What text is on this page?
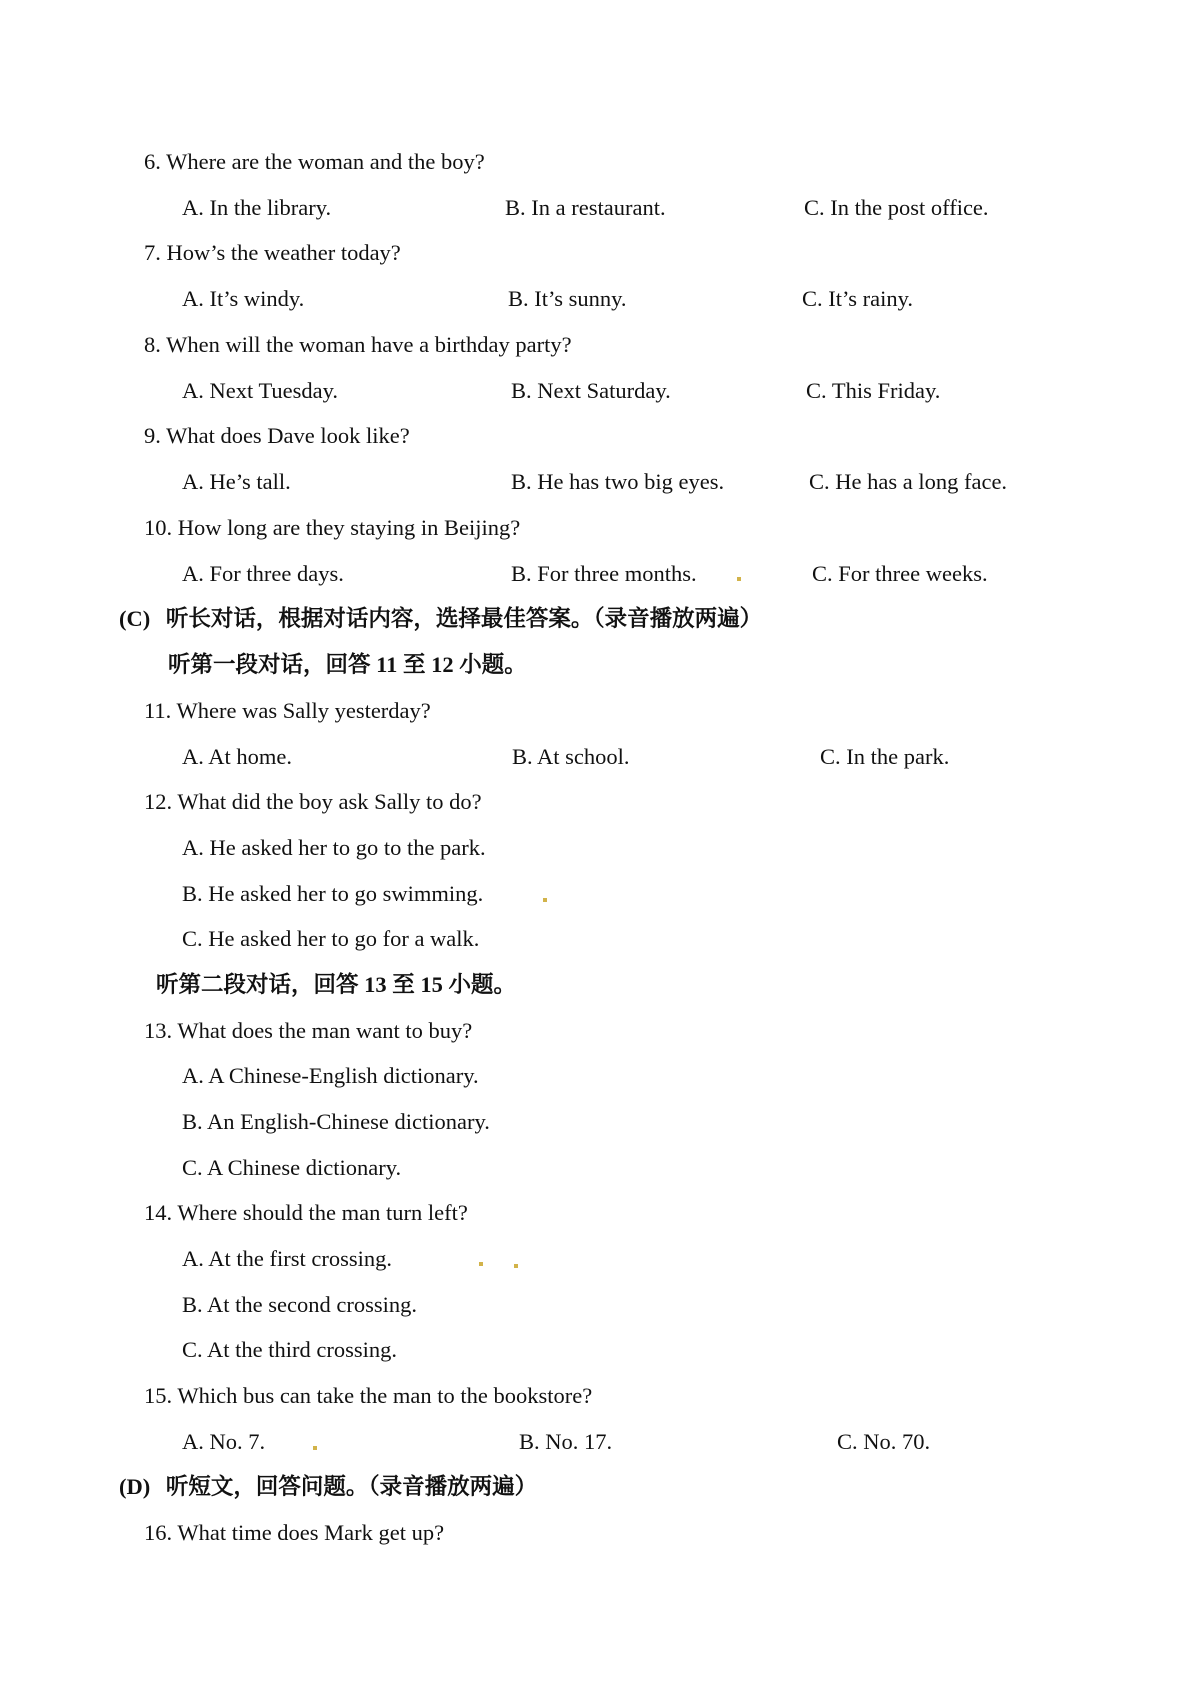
6. Where are the woman and the boy?
A. In the library.	B. In a restaurant.	C. In the post office.
7. How’s the weather today?
A. It’s windy.	B. It’s sunny.	C. It’s rainy.
8. When will the woman have a birthday party?
A. Next Tuesday.	B. Next Saturday.	C. This Friday.
9. What does Dave look like?
A. He’s tall.	B. He has two big eyes.	C. He has a long face.
10. How long are they staying in Beijing?
A. For three days.	B. For three months.	C. For three weeks.
(C) 听长对话，根据对话内容，选择最佳答案。（录音播放两遍）
听第一段对话，回答 11 至 12 小题。
11. Where was Sally yesterday?
A. At home.	B. At school.	C. In the park.
12. What did the boy ask Sally to do?
A. He asked her to go to the park.
B. He asked her to go swimming.
C. He asked her to go for a walk.
听第二段对话，回答 13 至 15 小题。
13. What does the man want to buy?
A. A Chinese-English dictionary.
B. An English-Chinese dictionary.
C. A Chinese dictionary.
14. Where should the man turn left?
A. At the first crossing.
B. At the second crossing.
C. At the third crossing.
15. Which bus can take the man to the bookstore?
A. No. 7.	B. No. 17.	C. No. 70.
(D) 听短文，回答问题。（录音播放两遍）
16. What time does Mark get up?
